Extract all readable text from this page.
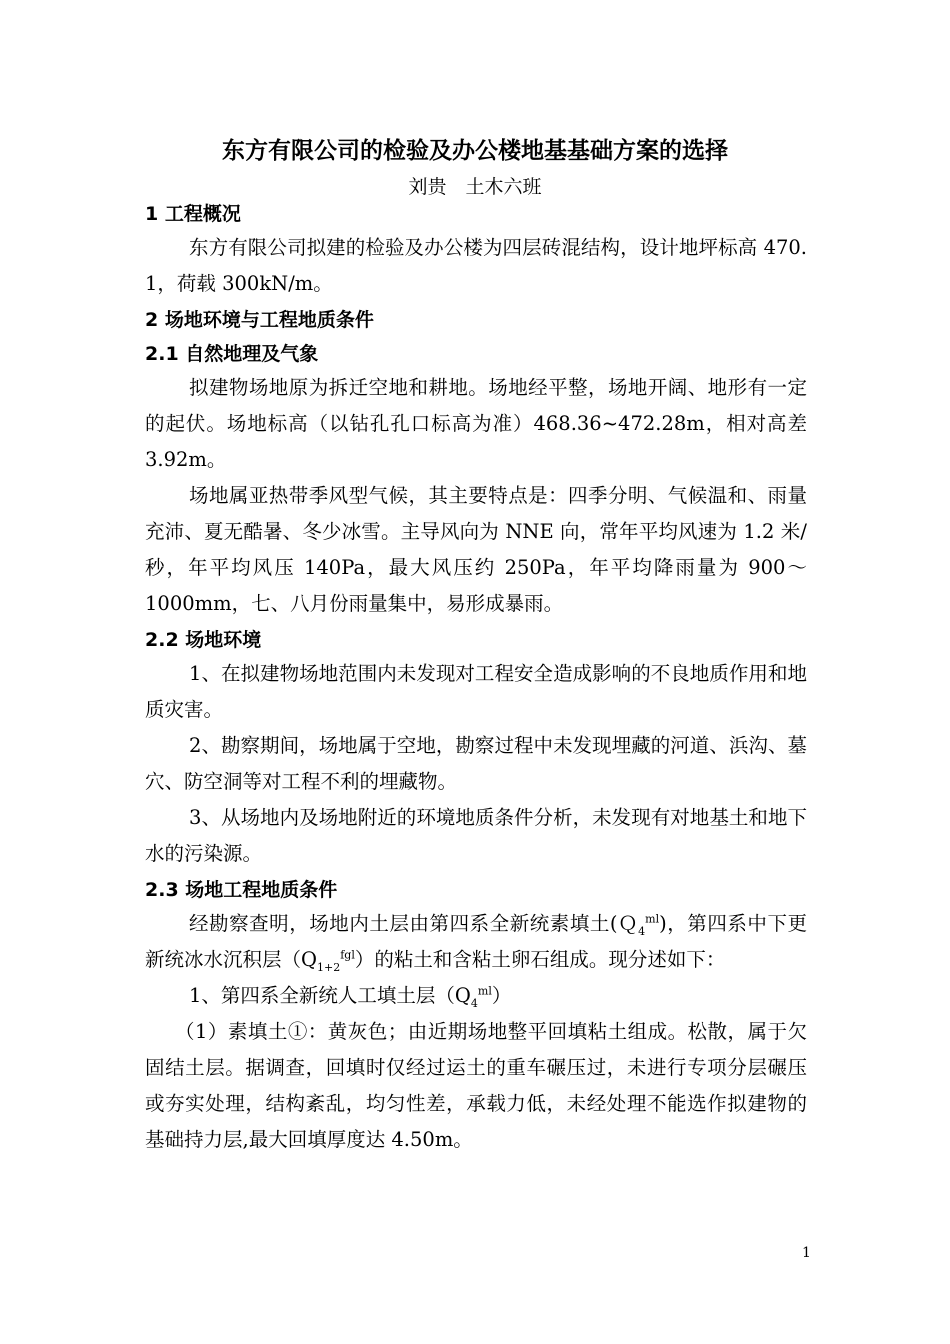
东方有限公司的检验及办公楼地基基础方案的选择
刘贵　土木六班
1 工程概况

东方有限公司拟建的检验及办公楼为四层砖混结构，设计地坪标高 470. 1，荷载 300kN/m。

2 场地环境与工程地质条件
2.1 自然地理及气象

拟建物场地原为拆迁空地和耕地。场地经平整，场地开阔、地形有一定的起伏。场地标高（以钻孔孔口标高为准）468.36~472.28m，相对高差 3.92m。

场地属亚热带季风型气候，其主要特点是：四季分明、气候温和、雨量充沛、夏无酷暑、冬少冰雪。主导风向为 NNE 向，常年平均风速为 1.2 米/秒，年平均风压 140Pa，最大风压约 250Pa，年平均降雨量为 900～1000mm，七、八月份雨量集中，易形成暴雨。

2.2 场地环境

1、在拟建物场地范围内未发现对工程安全造成影响的不良地质作用和地质灾害。

2、勘察期间，场地属于空地，勘察过程中未发现埋藏的河道、浜沟、墓穴、防空洞等对工程不利的埋藏物。

3、从场地内及场地附近的环境地质条件分析，未发现有对地基土和地下水的污染源。

2.3 场地工程地质条件

经勘察查明，场地内土层由第四系全新统素填土(Ｑ$_4^{ml}$)，第四系中下更新统冰水沉积层$(Q_{1+2}^{fgl})$的粘土和含粘土卵石组成。现分述如下：

1、第四系全新统人工填土层$(Q_4^{ml})$

（1）素填土①：黄灰色；由近期场地整平回填粘土组成。松散，属于欠固结土层。据调查，回填时仅经过运土的重车碾压过，未进行专项分层碾压或夯实处理，结构紊乱，均匀性差，承载力低，未经处理不能选作拟建物的基础持力层,最大回填厚度达 4.50m。

1
